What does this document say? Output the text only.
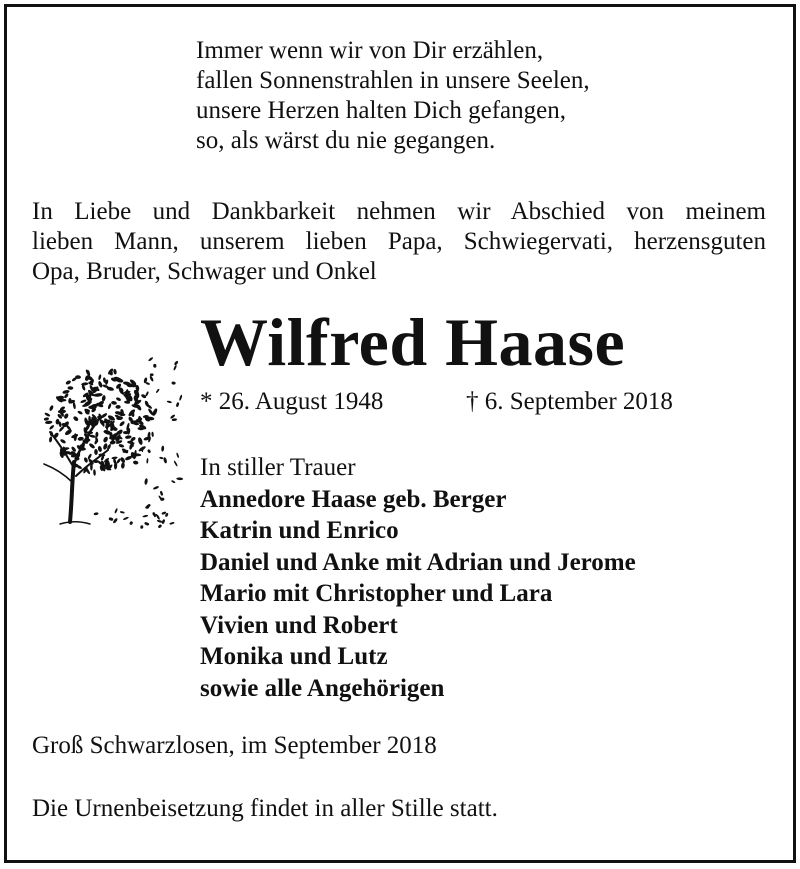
Immer wenn wir von Dir erzählen,
fallen Sonnenstrahlen in unsere Seelen,
unsere Herzen halten Dich gefangen,
so, als wärst du nie gegangen.
In Liebe und Dankbarkeit nehmen wir Abschied von meinem
lieben Mann, unserem lieben Papa, Schwiegervati, herzensguten
Opa, Bruder, Schwager und Onkel
Wilfred Haase
* 26. August 1948	† 6. September 2018
In stiller Trauer
Annedore Haase geb. Berger
Katrin und Enrico
Daniel und Anke mit Adrian und Jerome
Mario mit Christopher und Lara
Vivien und Robert
Monika und Lutz
sowie alle Angehörigen
Groß Schwarzlosen, im September 2018
Die Urnenbeisetzung findet in aller Stille statt.
